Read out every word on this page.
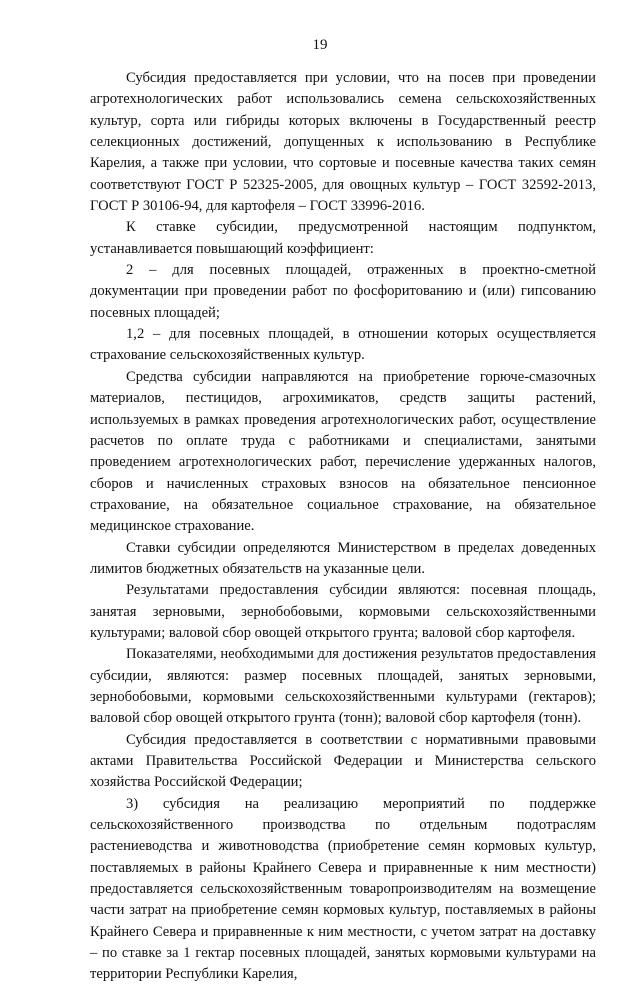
19

Субсидия предоставляется при условии, что на посев при проведении агротехнологических работ использовались семена сельскохозяйственных культур, сорта или гибриды которых включены в Государственный реестр селекционных достижений, допущенных к использованию в Республике Карелия, а также при условии, что сортовые и посевные качества таких семян соответствуют ГОСТ Р 52325-2005, для овощных культур – ГОСТ 32592-2013, ГОСТ Р 30106-94, для картофеля – ГОСТ 33996-2016.

К ставке субсидии, предусмотренной настоящим подпунктом, устанавливается повышающий коэффициент:

2 – для посевных площадей, отраженных в проектно-сметной документации при проведении работ по фосфоритованию и (или) гипсованию посевных площадей;

1,2 – для посевных площадей, в отношении которых осуществляется страхование сельскохозяйственных культур.

Средства субсидии направляются на приобретение горюче-смазочных материалов, пестицидов, агрохимикатов, средств защиты растений, используемых в рамках проведения агротехнологических работ, осуществление расчетов по оплате труда с работниками и специалистами, занятыми проведением агротехнологических работ, перечисление удержанных налогов, сборов и начисленных страховых взносов на обязательное пенсионное страхование, на обязательное социальное страхование, на обязательное медицинское страхование.

Ставки субсидии определяются Министерством в пределах доведенных лимитов бюджетных обязательств на указанные цели.

Результатами предоставления субсидии являются: посевная площадь, занятая зерновыми, зернобобовыми, кормовыми сельскохозяйственными культурами; валовой сбор овощей открытого грунта; валовой сбор картофеля.

Показателями, необходимыми для достижения результатов предоставления субсидии, являются: размер посевных площадей, занятых зерновыми, зернобобовыми, кормовыми сельскохозяйственными культурами (гектаров); валовой сбор овощей открытого грунта (тонн); валовой сбор картофеля (тонн).

Субсидия предоставляется в соответствии с нормативными правовыми актами Правительства Российской Федерации и Министерства сельского хозяйства Российской Федерации;

3) субсидия на реализацию мероприятий по поддержке сельскохозяйственного производства по отдельным подотраслям растениеводства и животноводства (приобретение семян кормовых культур, поставляемых в районы Крайнего Севера и приравненные к ним местности) предоставляется сельскохозяйственным товаропроизводителям на возмещение части затрат на приобретение семян кормовых культур, поставляемых в районы Крайнего Севера и приравненные к ним местности, с учетом затрат на доставку – по ставке за 1 гектар посевных площадей, занятых кормовыми культурами на территории Республики Карелия,
